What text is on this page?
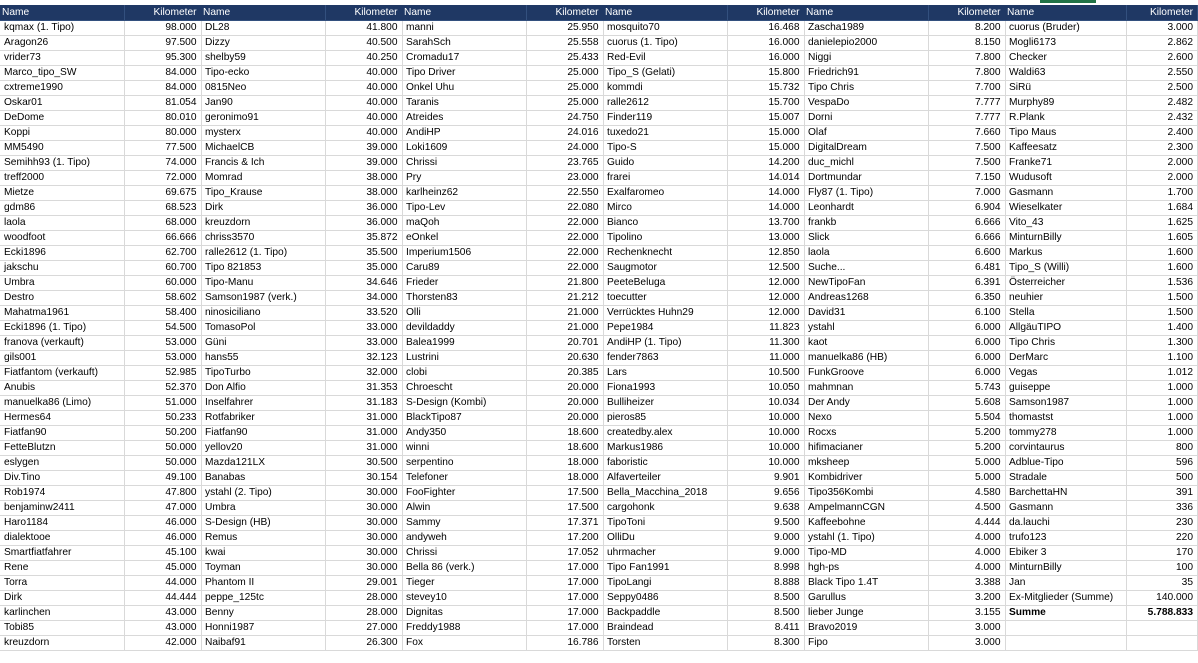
Name	Kilometer
kqmax (1. Tipo)	98.000
Aragon26	97.500
vrider73	95.300
Marco_tipo_SW	84.000
cxtreme1990	84.000
Oskar01	81.054
DeDome	80.010
Koppi	80.000
MM5490	77.500
Semihh93 (1. Tipo)	74.000
treff2000	72.000
Mietze	69.675
gdm86	68.523
laola	68.000
woodfoot	66.666
Ecki1896	62.700
jakschu	60.700
Umbra	60.000
Destro	58.602
Mahatma1961	58.400
Ecki1896 (1. Tipo)	54.500
franova (verkauft)	53.000
gils001	53.000
Fiatfantom (verkauft)	52.985
Anubis	52.370
manuelka86 (Limo)	51.000
Hermes64	50.233
Fiatfan90	50.200
FetteBlutzn	50.000
eslygen	50.000
Div.Tino	49.100
Rob1974	47.800
benjaminw2411	47.000
Haro1184	46.000
dialektooe	46.000
Smartfiatfahrer	45.100
Rene	45.000
Torra	44.000
Dirk	44.444
karlinchen	43.000
Tobi85	43.000
kreuzdorn	42.000
Name	Kilometer
DL28	41.800
Dizzy	40.500
shelby59	40.250
Tipo-ecko	40.000
0815Neo	40.000
Jan90	40.000
geronimo91	40.000
mysterx	40.000
MichaelCB	39.000
Francis & Ich	39.000
Momrad	38.000
Tipo_Krause	38.000
Dirk	36.000
kreuzdorn	36.000
chriss3570	35.872
ralle2612 (1. Tipo)	35.500
Tipo 821853	35.000
Tipo-Manu	34.646
Samson1987 (verk.)	34.000
ninosiciliano	33.520
TomasoPol	33.000
Güni	33.000
hans55	32.123
TipoTurbo	32.000
Don Alfio	31.353
Inselfahrer	31.183
Rotfabriker	31.000
Fiatfan90	31.000
yellov20	31.000
Mazda121LX	30.500
Banabas	30.154
ystahl (2. Tipo)	30.000
Umbra	30.000
S-Design (HB)	30.000
Remus	30.000
kwai	30.000
Toyman	30.000
Phantom II	29.001
peppe_125tc	28.000
Benny	28.000
Honni1987	27.000
Naibaf91	26.300
Name	Kilometer
manni	25.950
SarahSch	25.558
Cromadu17	25.433
Tipo Driver	25.000
Onkel Uhu	25.000
Taranis	25.000
Atreides	24.750
AndiHP	24.016
Loki1609	24.000
Chrissi	23.765
Pry	23.000
karlheinz62	22.550
Tipo-Lev	22.080
maQoh	22.000
eOnkel	22.000
Imperium1506	22.000
Caru89	22.000
Frieder	21.800
Thorsten83	21.212
Olli	21.000
devildaddy	21.000
Balea1999	20.701
Lustrini	20.630
clobi	20.385
Chroescht	20.000
S-Design (Kombi)	20.000
BlackTipo87	20.000
Andy350	18.600
winni	18.600
serpentino	18.000
Telefoner	18.000
FooFighter	17.500
Alwin	17.500
Sammy	17.371
andyweh	17.200
Chrissi	17.052
Bella 86 (verk.)	17.000
Tieger	17.000
stevey10	17.000
Dignitas	17.000
Freddy1988	17.000
Fox	16.786
Name	Kilometer
mosquito70	16.468
cuorus (1. Tipo)	16.000
Red-Evil	16.000
Tipo_S (Gelati)	15.800
kommdi	15.732
ralle2612	15.700
Finder119	15.007
tuxedo21	15.000
Tipo-S	15.000
Guido	14.200
frarei	14.014
Exalfaromeo	14.000
Mirco	14.000
Bianco	13.700
Tipolino	13.000
Rechenknecht	12.850
Saugmotor	12.500
PeeteBeluga	12.000
toecutter	12.000
Verrücktes Huhn29	12.000
Pepe1984	11.823
AndiHP (1. Tipo)	11.300
fender7863	11.000
Lars	10.500
Fiona1993	10.050
Bulliheizer	10.034
pieros85	10.000
createdby.alex	10.000
Markus1986	10.000
faboristic	10.000
Alfaverteiler	9.901
Bella_Macchina_2018	9.656
cargohonk	9.638
TipoToni	9.500
OlliDu	9.000
uhrmacher	9.000
Tipo Fan1991	8.998
TipoLangi	8.888
Seppy0486	8.500
Backpaddle	8.500
Braindead	8.411
Torsten	8.300
Name	Kilometer
Zascha1989	8.200
danielepio2000	8.150
Niggi	7.800
Friedrich91	7.800
Tipo Chris	7.700
VespaDo	7.777
Dorni	7.777
Olaf	7.660
DigitalDream	7.500
duc_michl	7.500
Dortmundar	7.150
Fly87 (1. Tipo)	7.000
Leonhardt	6.904
frankb	6.666
Slick	6.666
laola	6.600
Suche...	6.481
NewTipoFan	6.391
Andreas1268	6.350
David31	6.100
ystahl	6.000
kaot	6.000
manuelka86 (HB)	6.000
FunkGroove	6.000
mahmnan	5.743
Der Andy	5.608
Nexo	5.504
Rocxs	5.200
hifimacianer	5.200
mksheep	5.000
Kombidriver	5.000
Tipo356Kombi	4.580
AmpelmannCGN	4.500
Kaffeebohne	4.444
ystahl (1. Tipo)	4.000
Tipo-MD	4.000
hgh-ps	4.000
Black Tipo 1.4T	3.388
Garullus	3.200
lieber Junge	3.155
Bravo2019	3.000
Fipo	3.000
Name	Kilometer
cuorus (Bruder)	3.000
Mogli6173	2.862
Checker	2.600
Waldi63	2.550
SiRü	2.500
Murphy89	2.482
R.Plank	2.432
Tipo Maus	2.400
Kaffeesatz	2.300
Franke71	2.000
Wudusoft	2.000
Gasmann	1.700
Wieselkater	1.684
Vito_43	1.625
MinturnBilly	1.605
Markus	1.600
Tipo_S (Willi)	1.600
Österreicher	1.536
neuhier	1.500
Stella	1.500
AllgäuTIPO	1.400
Tipo Chris	1.300
DerMarc	1.100
Vegas	1.012
guiseppe	1.000
Samson1987	1.000
thomastst	1.000
tommy278	1.000
corvintaurus	800
Adblue-Tipo	596
Stradale	500
BarchettaHN	391
Gasmann	336
da.lauchi	230
trufo123	220
Ebiker 3	170
MinturnBilly	100
Jan	35
Ex-Mitglieder (Summe)	140.000
Summe	5.788.833
